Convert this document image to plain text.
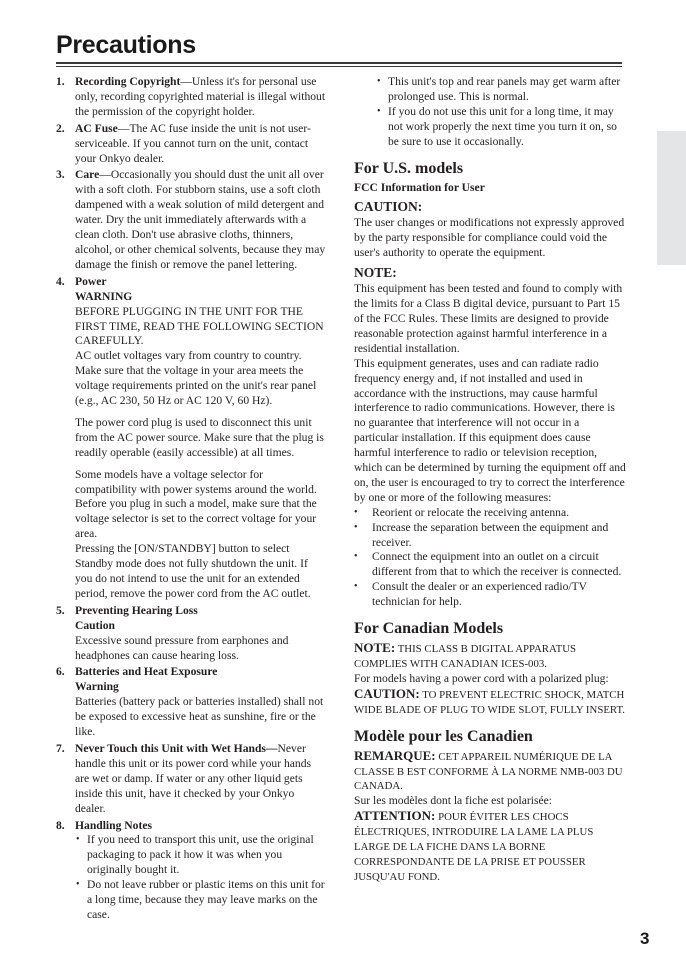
Precautions
1. Recording Copyright—Unless it's for personal use only, recording copyrighted material is illegal without the permission of the copyright holder.
2. AC Fuse—The AC fuse inside the unit is not user-serviceable. If you cannot turn on the unit, contact your Onkyo dealer.
3. Care—Occasionally you should dust the unit all over with a soft cloth. For stubborn stains, use a soft cloth dampened with a weak solution of mild detergent and water. Dry the unit immediately afterwards with a clean cloth. Don't use abrasive cloths, thinners, alcohol, or other chemical solvents, because they may damage the finish or remove the panel lettering.
4. Power
WARNING
BEFORE PLUGGING IN THE UNIT FOR THE FIRST TIME, READ THE FOLLOWING SECTION CAREFULLY.
AC outlet voltages vary from country to country. Make sure that the voltage in your area meets the voltage requirements printed on the unit's rear panel (e.g., AC 230, 50 Hz or AC 120 V, 60 Hz).
The power cord plug is used to disconnect this unit from the AC power source. Make sure that the plug is readily operable (easily accessible) at all times.
Some models have a voltage selector for compatibility with power systems around the world. Before you plug in such a model, make sure that the voltage selector is set to the correct voltage for your area.
Pressing the [ON/STANDBY] button to select Standby mode does not fully shutdown the unit. If you do not intend to use the unit for an extended period, remove the power cord from the AC outlet.
5. Preventing Hearing Loss
Caution
Excessive sound pressure from earphones and headphones can cause hearing loss.
6. Batteries and Heat Exposure
Warning
Batteries (battery pack or batteries installed) shall not be exposed to excessive heat as sunshine, fire or the like.
7. Never Touch this Unit with Wet Hands—Never handle this unit or its power cord while your hands are wet or damp. If water or any other liquid gets inside this unit, have it checked by your Onkyo dealer.
8. Handling Notes
• If you need to transport this unit, use the original packaging to pack it how it was when you originally bought it.
• Do not leave rubber or plastic items on this unit for a long time, because they may leave marks on the case.
• This unit's top and rear panels may get warm after prolonged use. This is normal.
• If you do not use this unit for a long time, it may not work properly the next time you turn it on, so be sure to use it occasionally.
For U.S. models
FCC Information for User
CAUTION:

The user changes or modifications not expressly approved by the party responsible for compliance could void the user's authority to operate the equipment.

NOTE:

This equipment has been tested and found to comply with the limits for a Class B digital device, pursuant to Part 15 of the FCC Rules. These limits are designed to provide reasonable protection against harmful interference in a residential installation.

This equipment generates, uses and can radiate radio frequency energy and, if not installed and used in accordance with the instructions, may cause harmful interference to radio communications. However, there is no guarantee that interference will not occur in a particular installation. If this equipment does cause harmful interference to radio or television reception, which can be determined by turning the equipment off and on, the user is encouraged to try to correct the interference by one or more of the following measures:

• Reorient or relocate the receiving antenna.
• Increase the separation between the equipment and receiver.
• Connect the equipment into an outlet on a circuit different from that to which the receiver is connected.
• Consult the dealer or an experienced radio/TV technician for help.
For Canadian Models
NOTE: THIS CLASS B DIGITAL APPARATUS COMPLIES WITH CANADIAN ICES-003.
For models having a power cord with a polarized plug:
CAUTION: TO PREVENT ELECTRIC SHOCK, MATCH WIDE BLADE OF PLUG TO WIDE SLOT, FULLY INSERT.
Modèle pour les Canadien
REMARQUE: CET APPAREIL NUMÉRIQUE DE LA CLASSE B EST CONFORME À LA NORME NMB-003 DU CANADA.
Sur les modèles dont la fiche est polarisée:
ATTENTION: POUR ÉVITER LES CHOCS ÉLECTRIQUES, INTRODUIRE LA LAME LA PLUS LARGE DE LA FICHE DANS LA BORNE CORRESPONDANTE DE LA PRISE ET POUSSER JUSQU'AU FOND.
3
